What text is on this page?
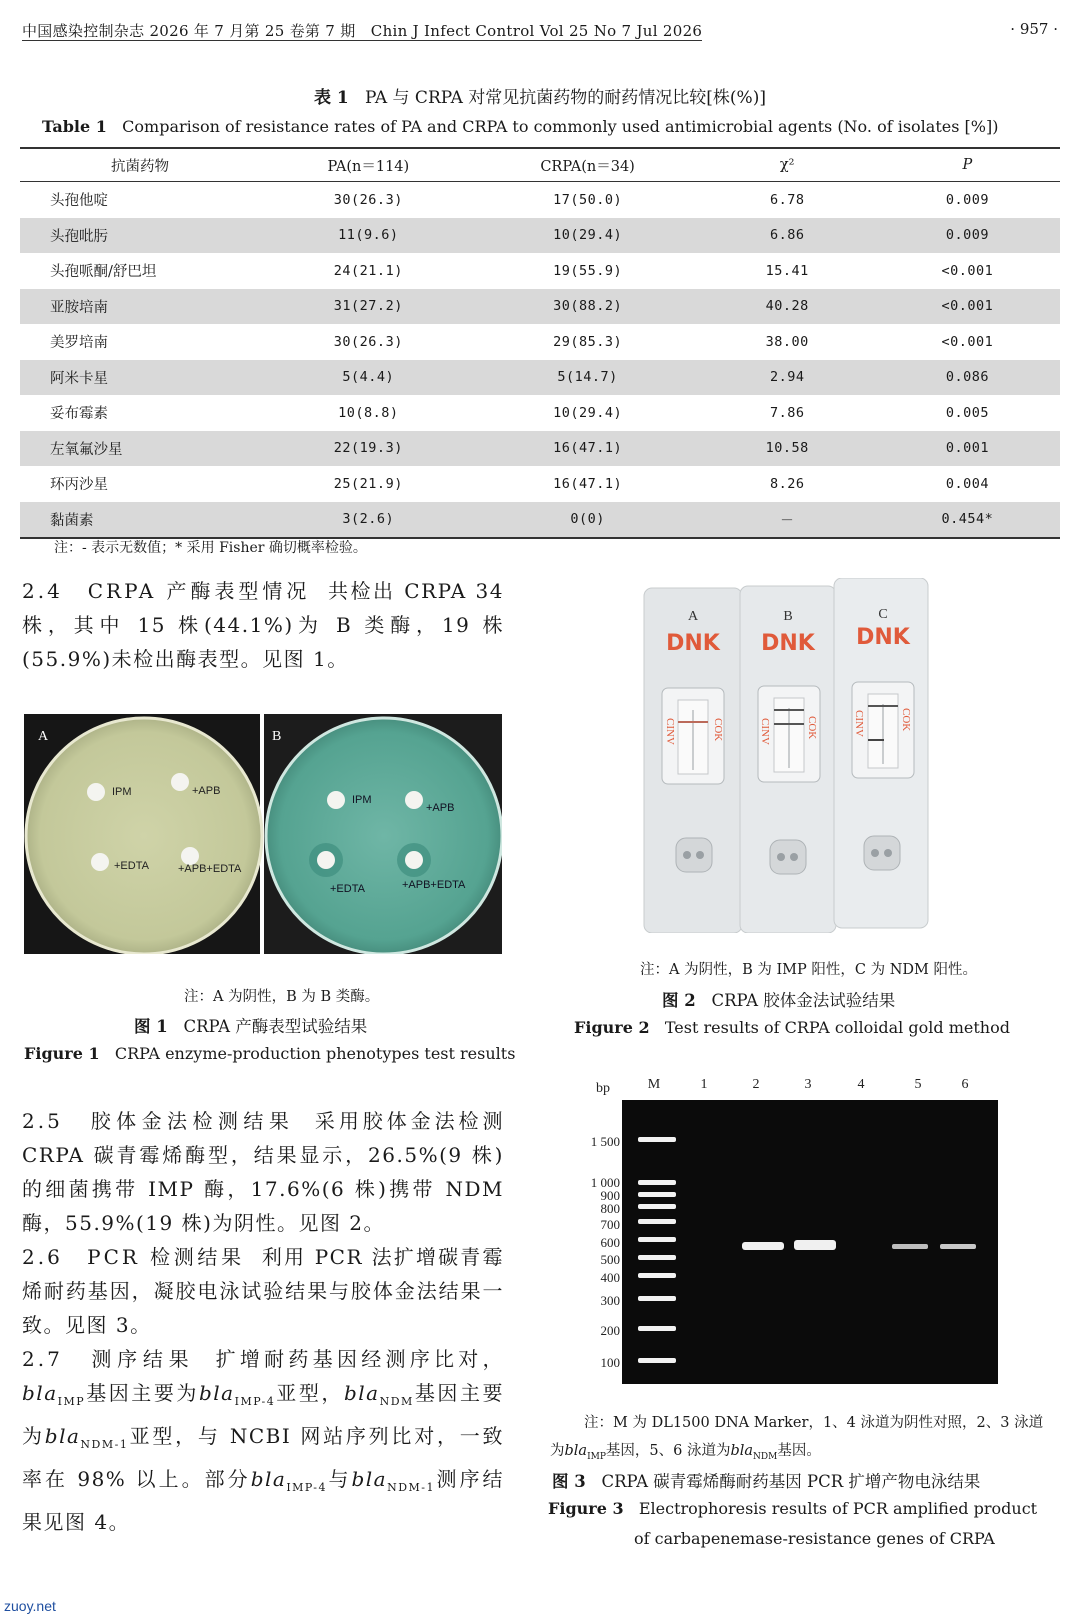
中国感染控制杂志 2026 年 7 月第 25 卷第 7 期　Chin J Infect Control Vol 25 No 7 Jul 2026	· 957 ·
表 1 PA 与 CRPA 对常见抗菌药物的耐药情况比较[株(%)]
Table 1 Comparison of resistance rates of PA and CRPA to commonly used antimicrobial agents (No. of isolates [%])
抗菌药物	PA(n＝114)	CRPA(n＝34)	χ²	P
头孢他啶	30(26.3)	17(50.0)	6.78	0.009
头孢吡肟	11(9.6)	10(29.4)	6.86	0.009
头孢哌酮/舒巴坦	24(21.1)	19(55.9)	15.41	<0.001
亚胺培南	31(27.2)	30(88.2)	40.28	<0.001
美罗培南	30(26.3)	29(85.3)	38.00	<0.001
阿米卡星	5(4.4)	5(14.7)	2.94	0.086
妥布霉素	10(8.8)	10(29.4)	7.86	0.005
左氧氟沙星	22(19.3)	16(47.1)	10.58	0.001
环丙沙星	25(21.9)	16(47.1)	8.26	0.004
黏菌素	3(2.6)	0(0)	－	0.454*
注：- 表示无数值；* 采用 Fisher 确切概率检验。
2.4　CRPA 产酶表型情况 共检出 CRPA 34 株，其中 15 株(44.1%)为 B 类酶，19 株(55.9%)未检出酶表型。见图 1。
A	B
IPM	+APB
+EDTA	+APB+EDTA
IPM
+APB
+EDTA	+APB+EDTA
注：A 为阴性，B 为 B 类酶。
图 1 CRPA 产酶表型试验结果
Figure 1 CRPA enzyme-production phenotypes test results
A
DNK
CINV	COK
B
DNK
CINV	COK
C
DNK
CINV	COK
注：A 为阴性，B 为 IMP 阳性，C 为 NDM 阳性。
图 2 CRPA 胶体金法试验结果
Figure 2 Test results of CRPA colloidal gold method
2.5　胶体金法检测结果 采用胶体金法检测 CRPA 碳青霉烯酶型，结果显示，26.5%(9 株)的细菌携带 IMP 酶，17.6%(6 株)携带 NDM 酶，55.9%(19 株)为阴性。见图 2。
2.6　PCR 检测结果 利用 PCR 法扩增碳青霉烯耐药基因，凝胶电泳试验结果与胶体金法结果一致。见图 3。
2.7　测序结果 扩增耐药基因经测序比对，bla$_{IMP}$基因主要为bla$_{IMP-4}$亚型，bla$_{NDM}$基因主要为bla$_{NDM-1}$亚型，与 NCBI 网站序列比对，一致率在 98% 以上。部分bla$_{IMP-4}$与bla$_{NDM-1}$测序结果见图 4。
bp	M	1	2	3	4	5	6
1 500
1 000
900
800
700
600
500
400
300
200
100
注：M 为 DL1500 DNA Marker，1、4 泳道为阴性对照，2、3 泳道
为bla$_{IMP}$基因，5、6 泳道为bla$_{NDM}$基因。
图 3 CRPA 碳青霉烯酶耐药基因 PCR 扩增产物电泳结果
Figure 3 Electrophoresis results of PCR amplified product
of carbapenemase-resistance genes of CRPA
zuoy.net
